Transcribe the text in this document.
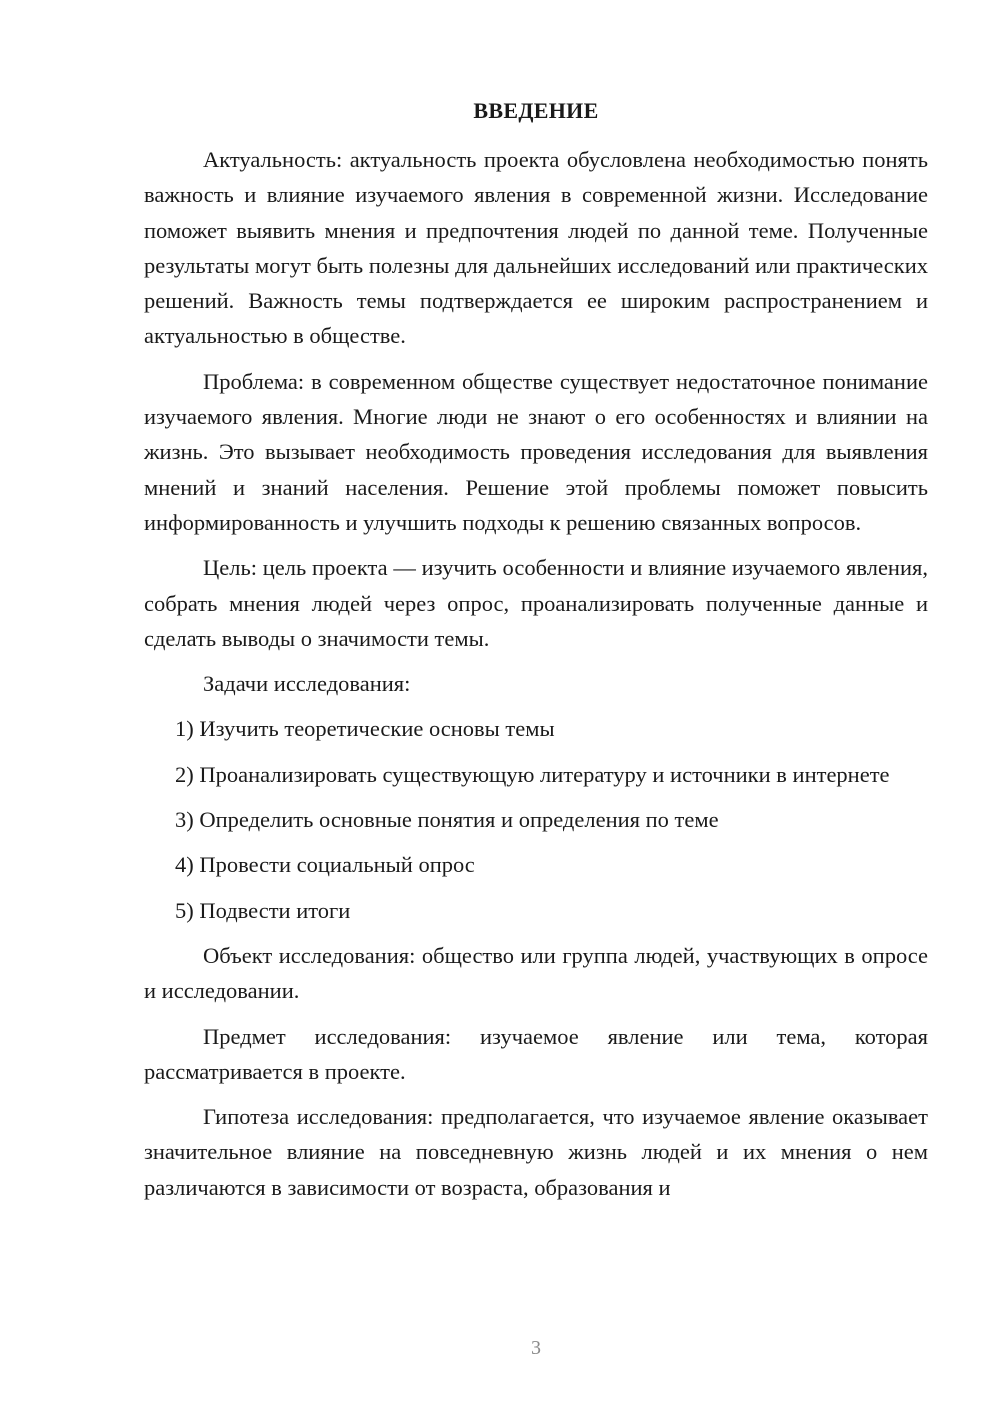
ВВЕДЕНИЕ

Актуальность: актуальность проекта обусловлена необходимостью понять важность и влияние изучаемого явления в современной жизни. Исследование поможет выявить мнения и предпочтения людей по данной теме. Полученные результаты могут быть полезны для дальнейших исследований или практических решений. Важность темы подтверждается ее широким распространением и актуальностью в обществе.

Проблема: в современном обществе существует недостаточное понимание изучаемого явления. Многие люди не знают о его особенностях и влиянии на жизнь. Это вызывает необходимость проведения исследования для выявления мнений и знаний населения. Решение этой проблемы поможет повысить информированность и улучшить подходы к решению связанных вопросов.

Цель: цель проекта — изучить особенности и влияние изучаемого явления, собрать мнения людей через опрос, проанализировать полученные данные и сделать выводы о значимости темы.

Задачи исследования:

1) Изучить теоретические основы темы

2) Проанализировать существующую литературу и источники в интернете

3) Определить основные понятия и определения по теме

4) Провести социальный опрос

5) Подвести итоги

Объект исследования: общество или группа людей, участвующих в опросе и исследовании.

Предмет исследования: изучаемое явление или тема, которая рассматривается в проекте.

Гипотеза исследования: предполагается, что изучаемое явление оказывает значительное влияние на повседневную жизнь людей и их мнения о нем различаются в зависимости от возраста, образования и

3
